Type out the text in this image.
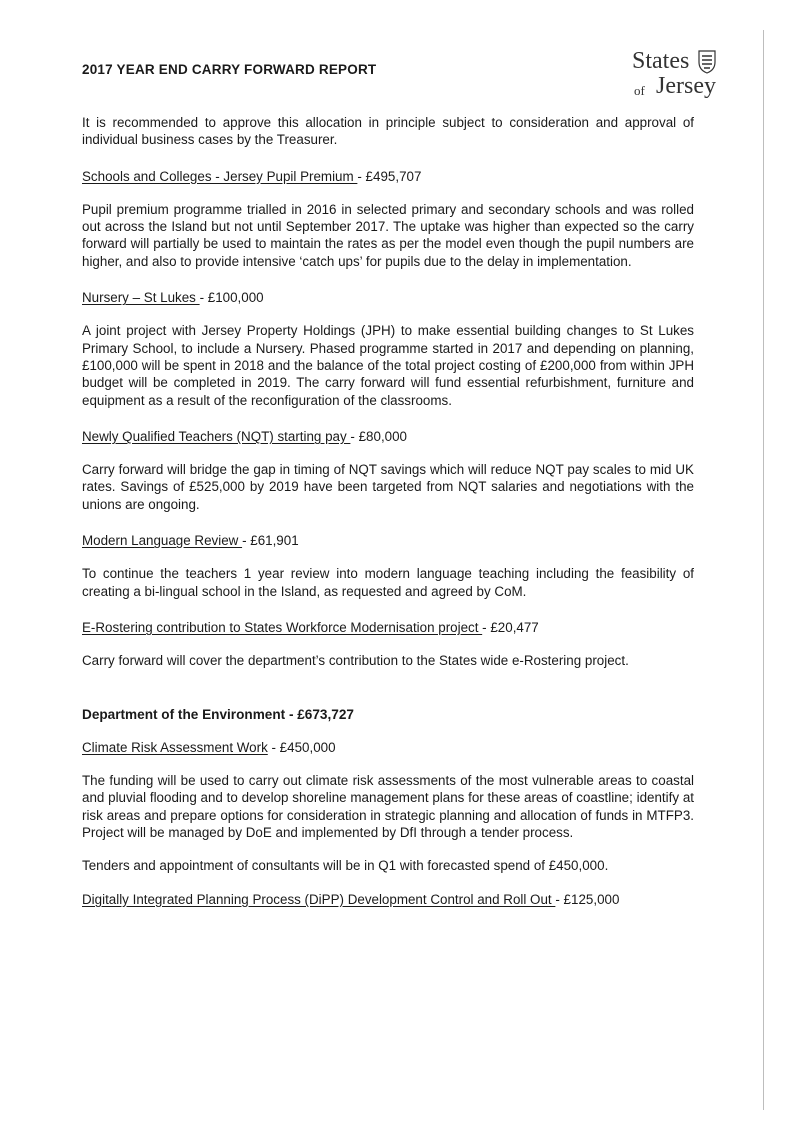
2017 YEAR END CARRY FORWARD REPORT	States
of Jersey

It is recommended to approve this allocation in principle subject to consideration and approval of individual business cases by the Treasurer.

Schools and Colleges - Jersey Pupil Premium - £495,707

Pupil premium programme trialled in 2016 in selected primary and secondary schools and was rolled out across the Island but not until September 2017. The uptake was higher than expected so the carry forward will partially be used to maintain the rates as per the model even though the pupil numbers are higher, and also to provide intensive ‘catch ups’ for pupils due to the delay in implementation.

Nursery – St Lukes - £100,000

A joint project with Jersey Property Holdings (JPH) to make essential building changes to St Lukes Primary School, to include a Nursery. Phased programme started in 2017 and depending on planning, £100,000 will be spent in 2018 and the balance of the total project costing of £200,000 from within JPH budget will be completed in 2019. The carry forward will fund essential refurbishment, furniture and equipment as a result of the reconfiguration of the classrooms.

Newly Qualified Teachers (NQT) starting pay - £80,000

Carry forward will bridge the gap in timing of NQT savings which will reduce NQT pay scales to mid UK rates. Savings of £525,000 by 2019 have been targeted from NQT salaries and negotiations with the unions are ongoing.

Modern Language Review - £61,901

To continue the teachers 1 year review into modern language teaching including the feasibility of creating a bi-lingual school in the Island, as requested and agreed by CoM.

E-Rostering contribution to States Workforce Modernisation project - £20,477

Carry forward will cover the department’s contribution to the States wide e-Rostering project.

Department of the Environment - £673,727

Climate Risk Assessment Work - £450,000

The funding will be used to carry out climate risk assessments of the most vulnerable areas to coastal and pluvial flooding and to develop shoreline management plans for these areas of coastline; identify at risk areas and prepare options for consideration in strategic planning and allocation of funds in MTFP3. Project will be managed by DoE and implemented by DfI through a tender process.

Tenders and appointment of consultants will be in Q1 with forecasted spend of £450,000.

Digitally Integrated Planning Process (DiPP) Development Control and Roll Out - £125,000
